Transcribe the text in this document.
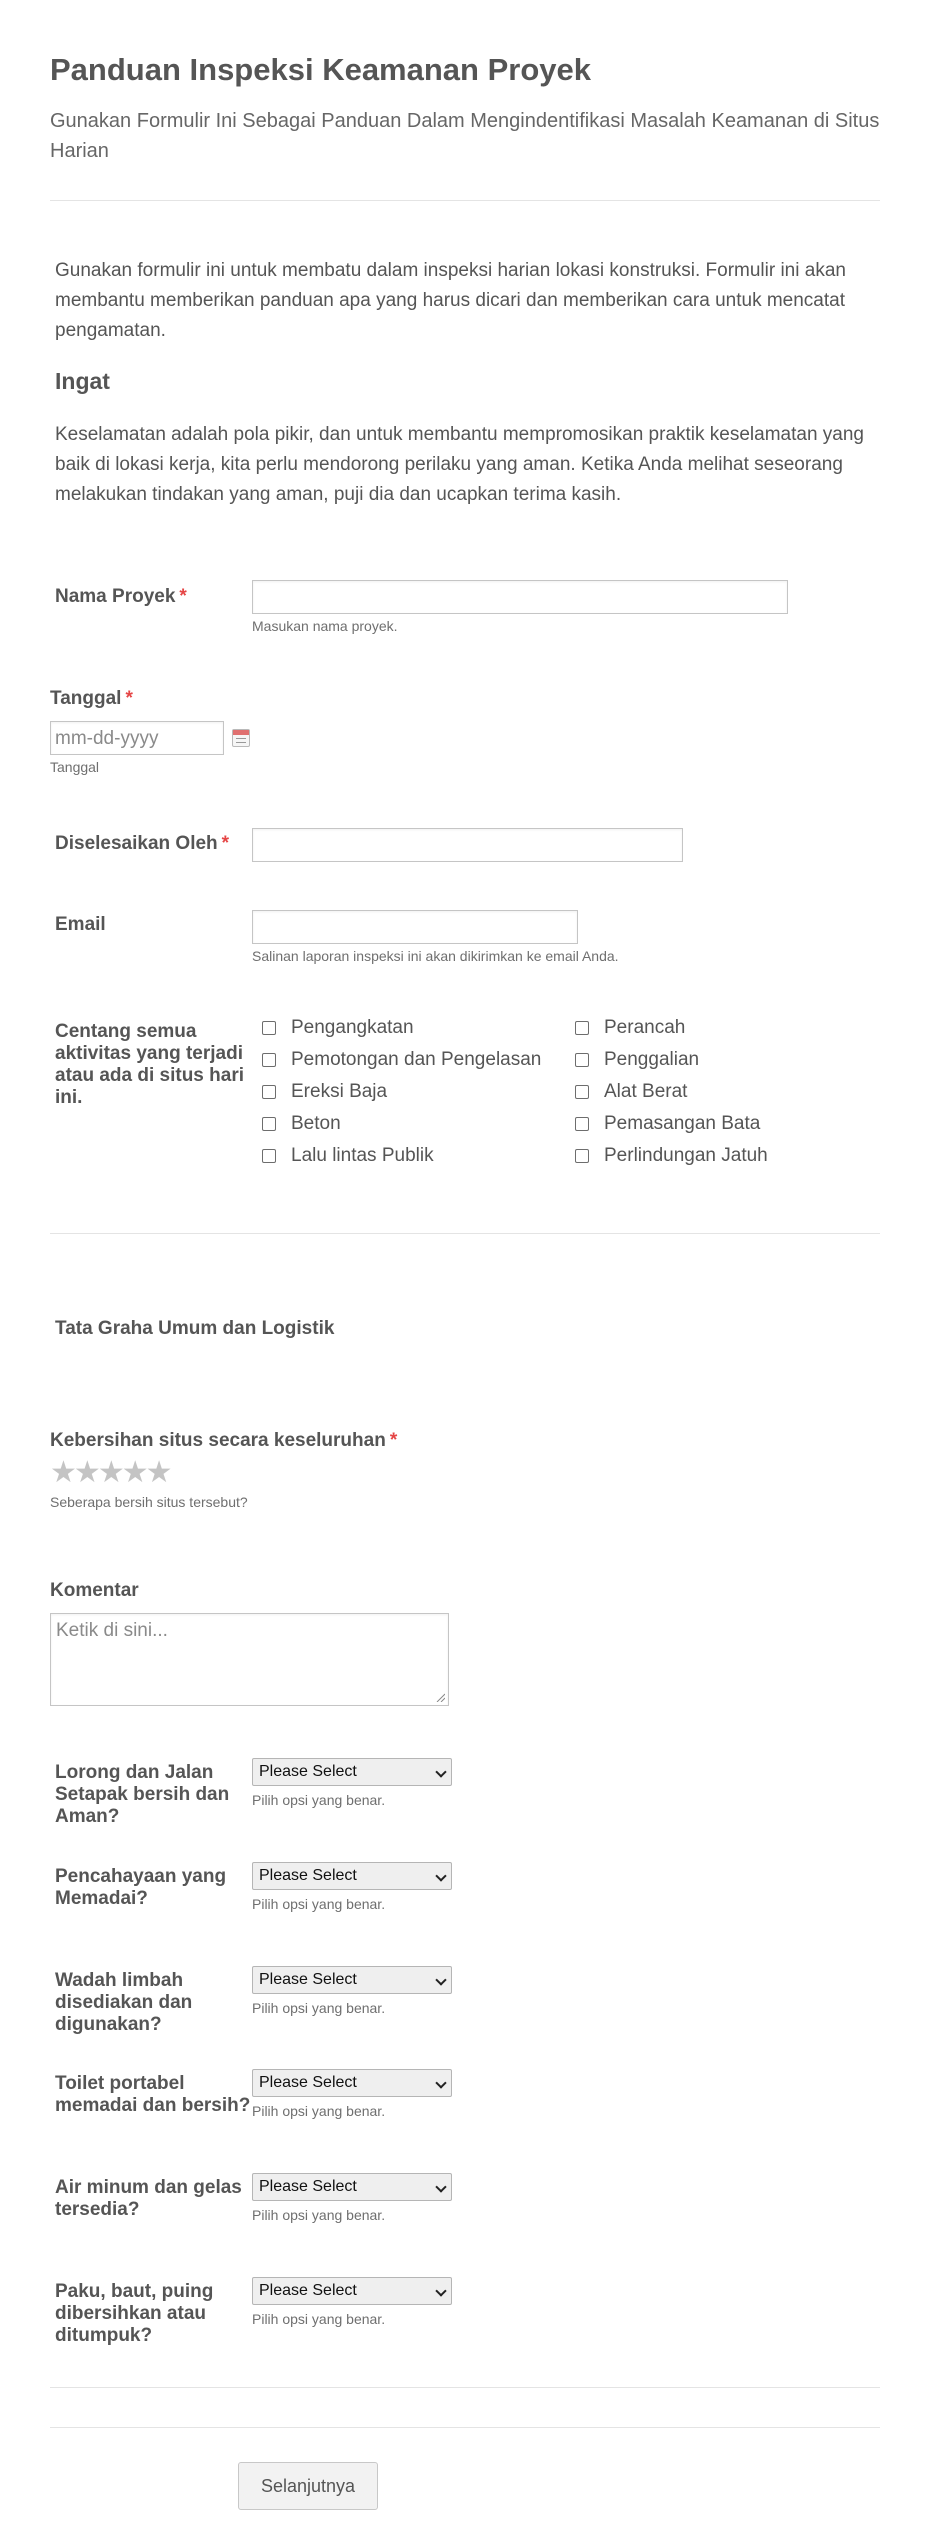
Panduan Inspeksi Keamanan Proyek
Gunakan Formulir Ini Sebagai Panduan Dalam Mengindentifikasi Masalah Keamanan di Situs Harian
Gunakan formulir ini untuk membatu dalam inspeksi harian lokasi konstruksi. Formulir ini akan membantu memberikan panduan apa yang harus dicari dan memberikan cara untuk mencatat pengamatan.
Ingat
Keselamatan adalah pola pikir, dan untuk membantu mempromosikan praktik keselamatan yang baik di lokasi kerja, kita perlu mendorong perilaku yang aman. Ketika Anda melihat seseorang melakukan tindakan yang aman, puji dia dan ucapkan terima kasih.
Nama Proyek *
Masukan nama proyek.
Tanggal *
mm-dd-yyyy
Tanggal
Diselesaikan Oleh *
Email
Salinan laporan inspeksi ini akan dikirimkan ke email Anda.
Centang semua aktivitas yang terjadi atau ada di situs hari ini.
Pengangkatan
Pemotongan dan Pengelasan
Ereksi Baja
Beton
Lalu lintas Publik
Perancah
Penggalian
Alat Berat
Pemasangan Bata
Perlindungan Jatuh
Tata Graha Umum dan Logistik
Kebersihan situs secara keseluruhan *
★★★★★
Seberapa bersih situs tersebut?
Komentar
Ketik di sini...
Lorong dan Jalan Setapak bersih dan Aman?
Please Select
Pilih opsi yang benar.
Pencahayaan yang Memadai?
Please Select
Pilih opsi yang benar.
Wadah limbah disediakan dan digunakan?
Please Select
Pilih opsi yang benar.
Toilet portabel memadai dan bersih?
Please Select
Pilih opsi yang benar.
Air minum dan gelas tersedia?
Please Select
Pilih opsi yang benar.
Paku, baut, puing dibersihkan atau ditumpuk?
Please Select
Pilih opsi yang benar.
Selanjutnya
